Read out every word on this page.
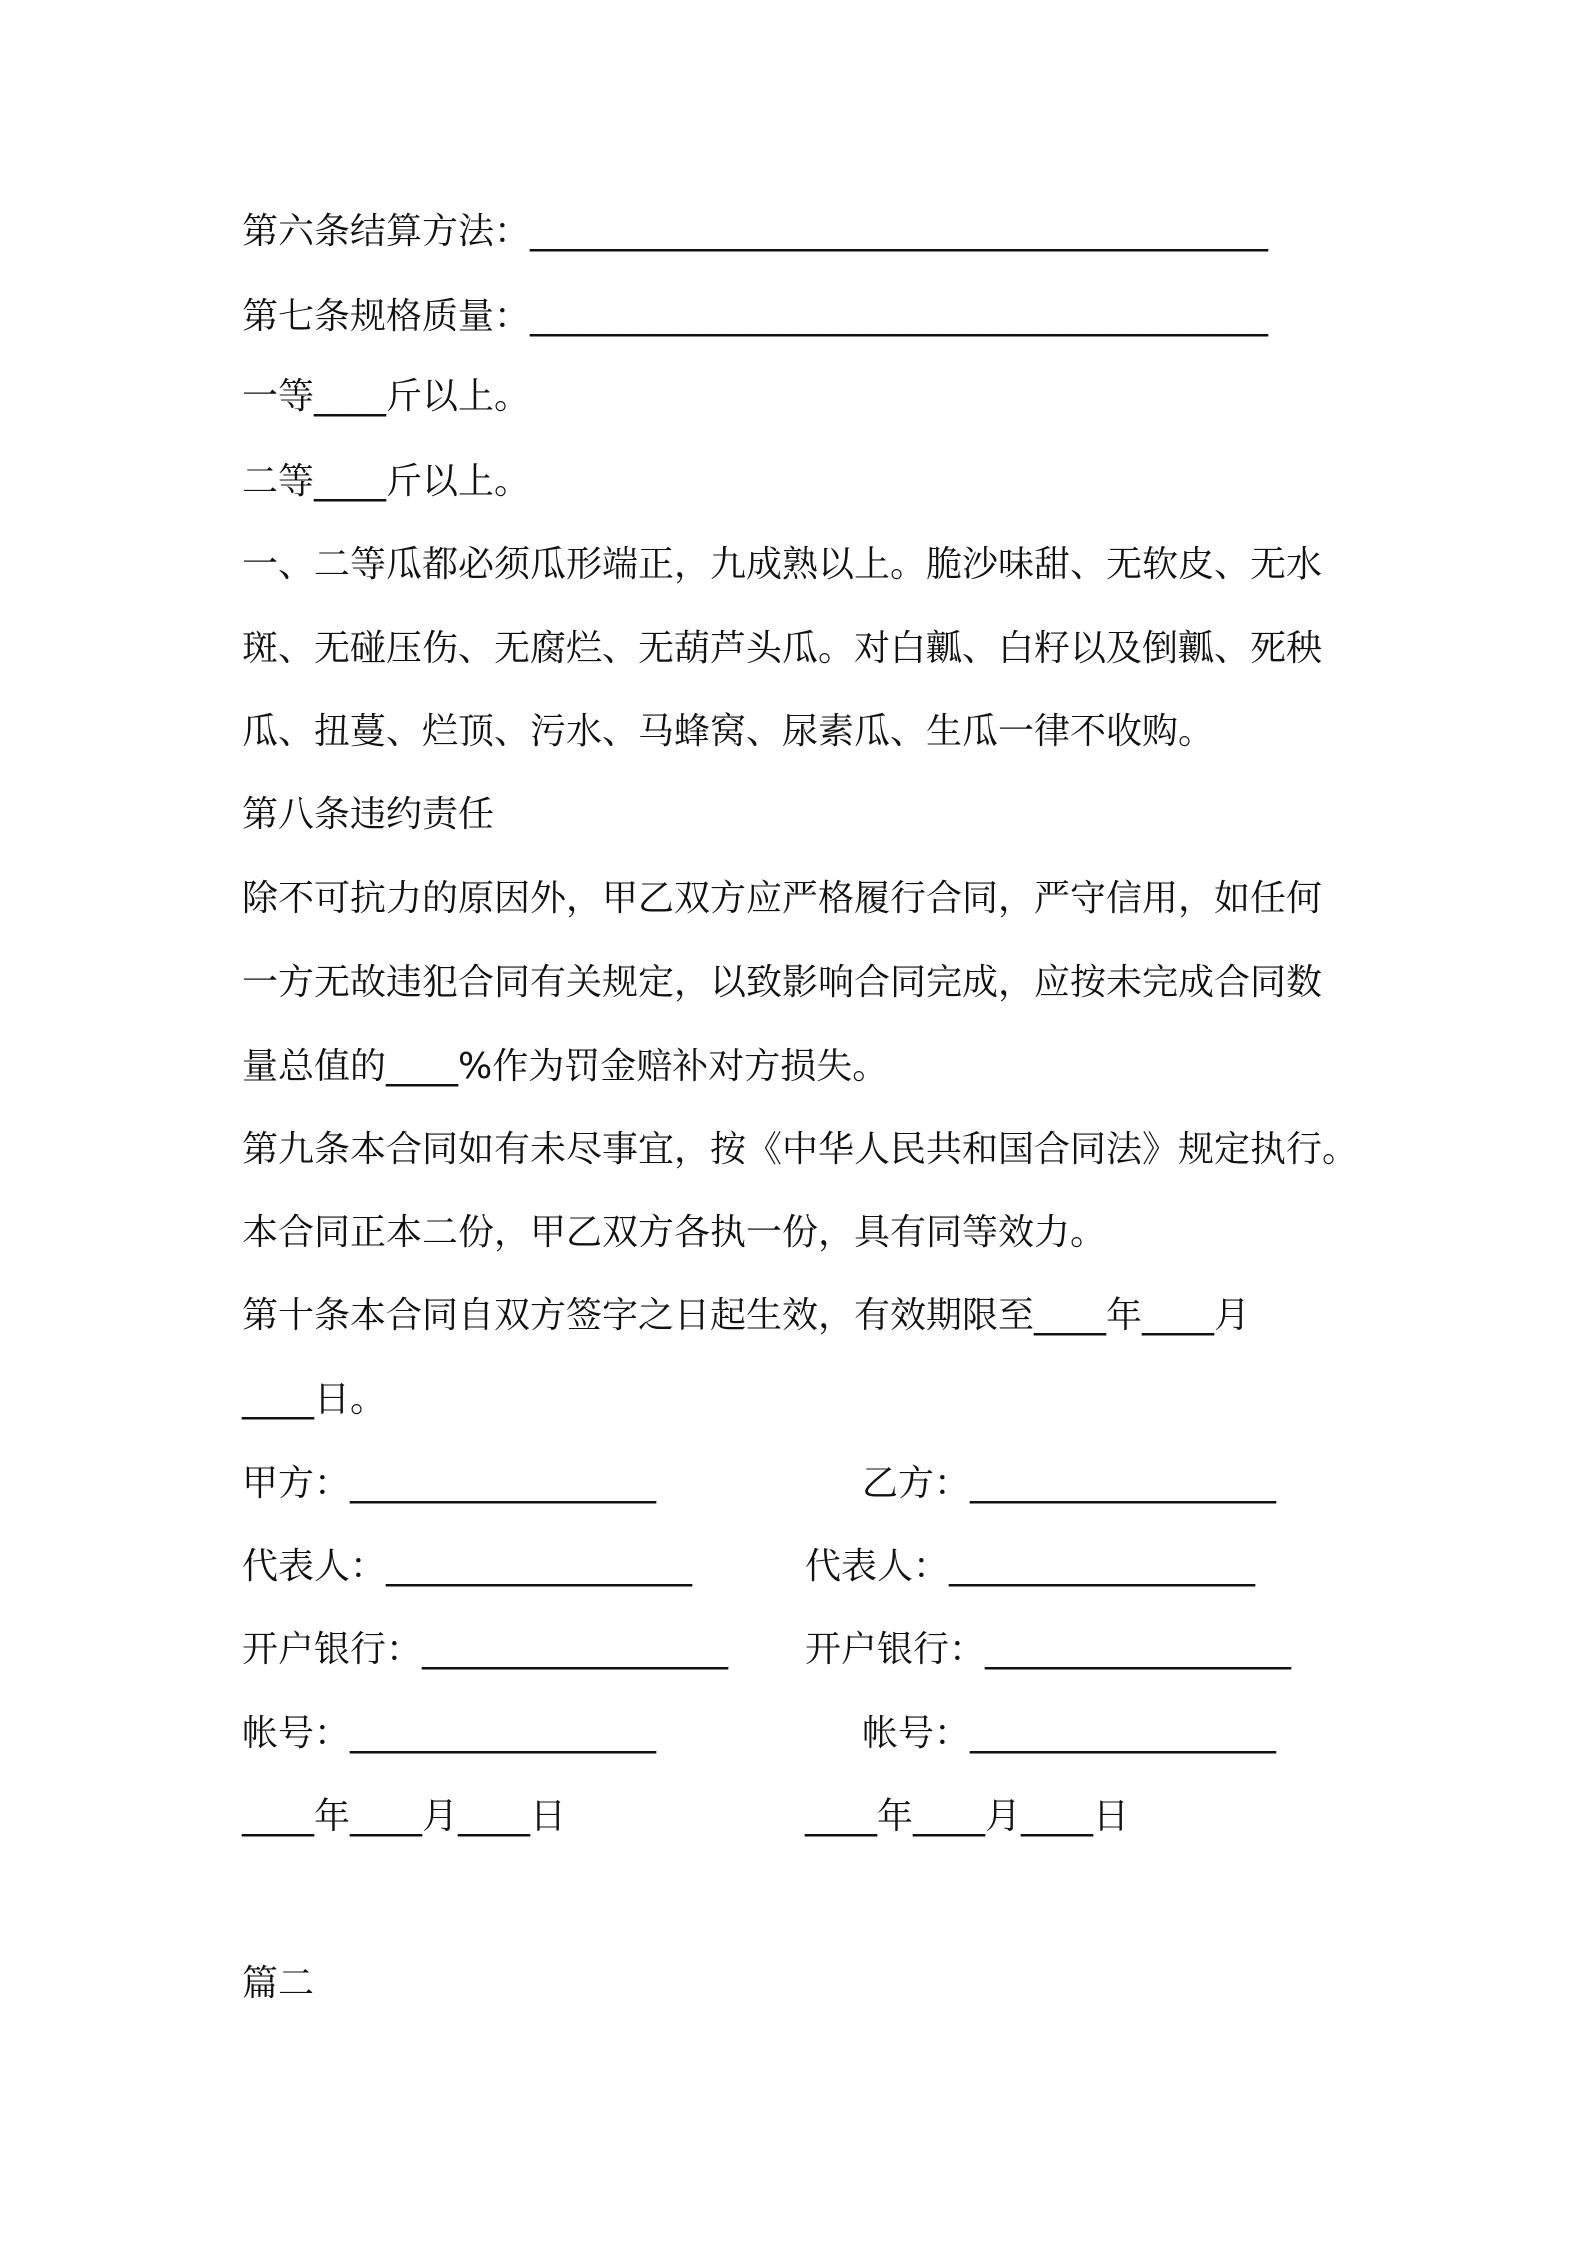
第六条结算方法：_________________________________________
第七条规格质量：_________________________________________
一等____斤以上。
二等____斤以上。
一、二等瓜都必须瓜形端正，九成熟以上。脆沙味甜、无软皮、无水
斑、无碰压伤、无腐烂、无葫芦头瓜。对白瓤、白籽以及倒瓤、死秧
瓜、扭蔓、烂顶、污水、马蜂窝、尿素瓜、生瓜一律不收购。
第八条违约责任
除不可抗力的原因外，甲乙双方应严格履行合同，严守信用，如任何
一方无故违犯合同有关规定，以致影响合同完成，应按未完成合同数
量总值的____%作为罚金赔补对方损失。
第九条本合同如有未尽事宜，按《中华人民共和国合同法》规定执行。
本合同正本二份，甲乙双方各执一份，具有同等效力。
第十条本合同自双方签字之日起生效，有效期限至____年____月
____日。
甲方：_________________	乙方：_________________
代表人：_________________	代表人：_________________
开户银行：_________________ 开户银行：_________________
帐号：_________________	帐号：_________________
____年____月____日	____年____月____日
篇二
